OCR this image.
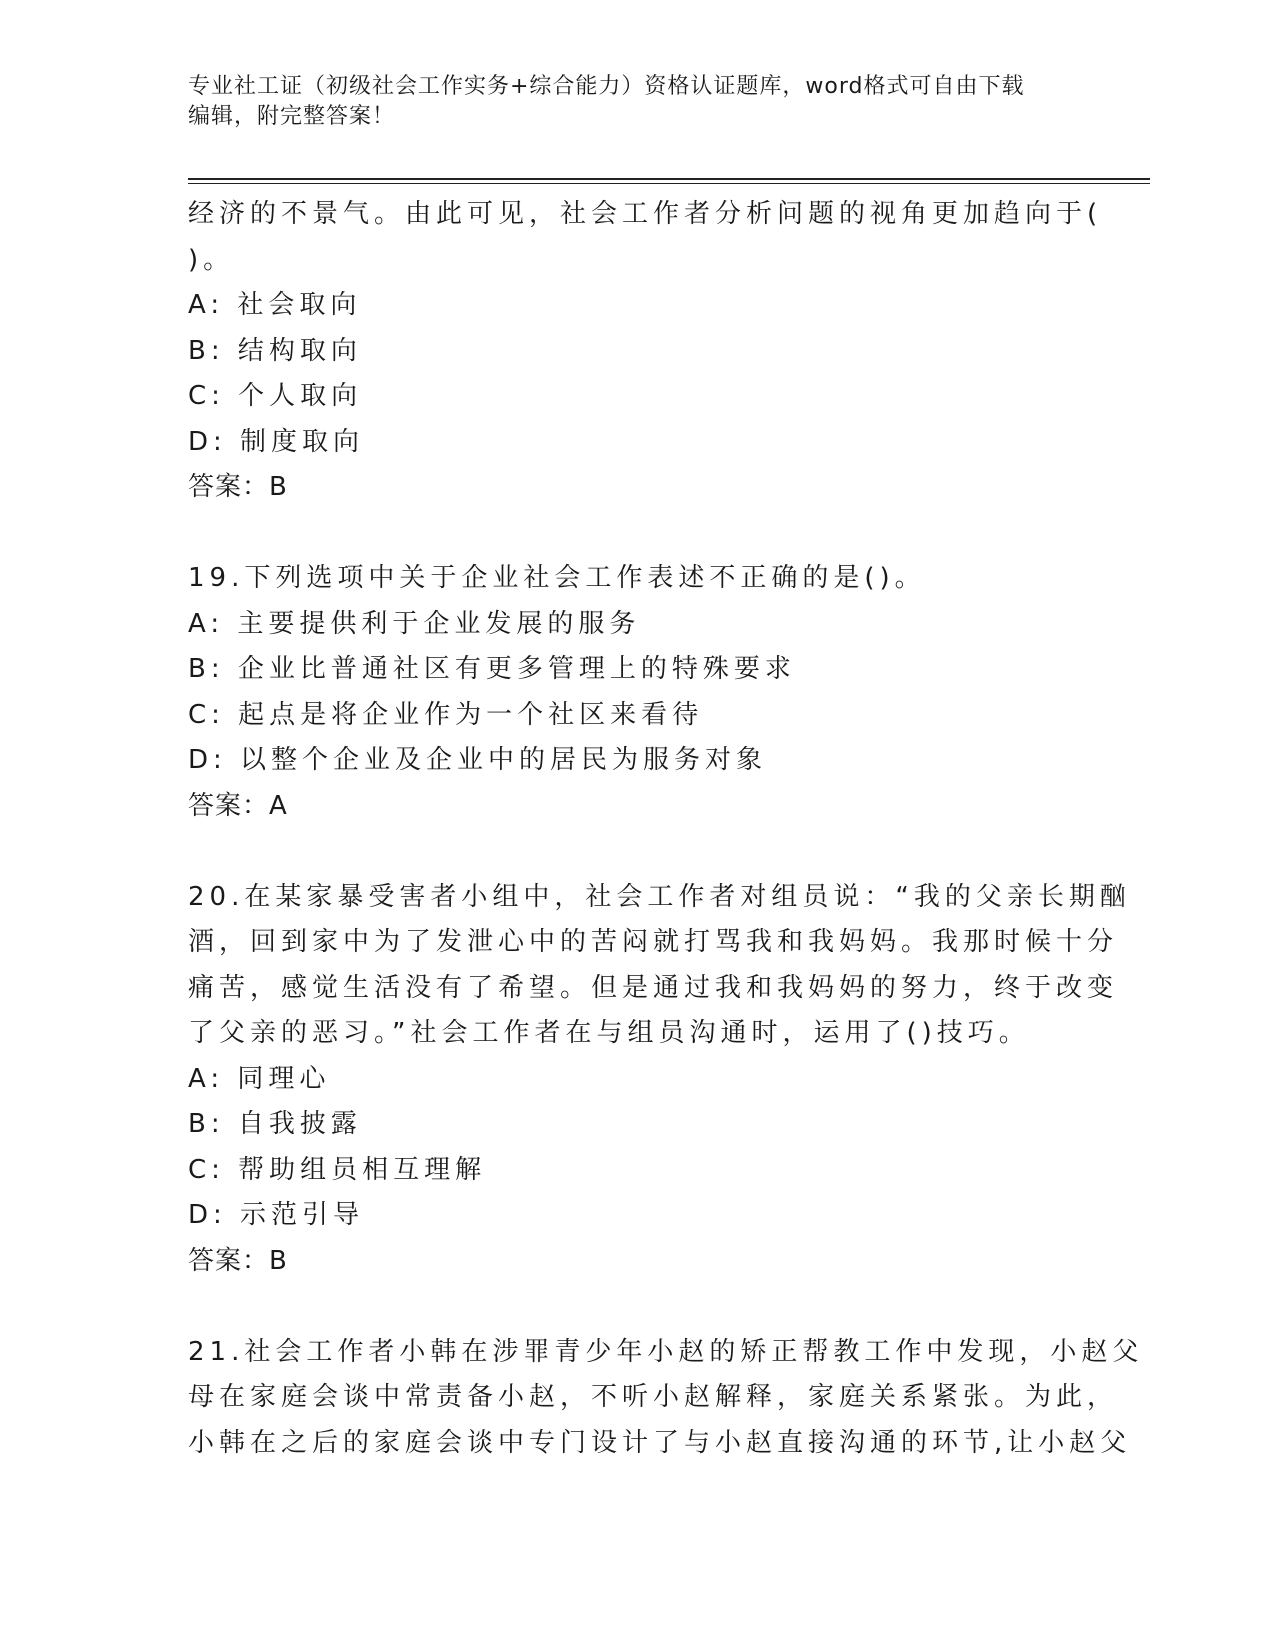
专业社工证（初级社会工作实务+综合能力）资格认证题库，word格式可自由下载
编辑，附完整答案！
经济的不景气。由此可见，社会工作者分析问题的视角更加趋向于(
)。
A: 社会取向
B: 结构取向
C: 个人取向
D: 制度取向
答案：B
19.下列选项中关于企业社会工作表述不正确的是()。
A: 主要提供利于企业发展的服务
B: 企业比普通社区有更多管理上的特殊要求
C: 起点是将企业作为一个社区来看待
D: 以整个企业及企业中的居民为服务对象
答案：A
20.在某家暴受害者小组中，社会工作者对组员说：“我的父亲长期酗
酒，回到家中为了发泄心中的苦闷就打骂我和我妈妈。我那时候十分
痛苦，感觉生活没有了希望。但是通过我和我妈妈的努力，终于改变
了父亲的恶习。”社会工作者在与组员沟通时，运用了()技巧。
A: 同理心
B: 自我披露
C: 帮助组员相互理解
D: 示范引导
答案：B
21.社会工作者小韩在涉罪青少年小赵的矫正帮教工作中发现，小赵父
母在家庭会谈中常责备小赵，不听小赵解释，家庭关系紧张。为此，
小韩在之后的家庭会谈中专门设计了与小赵直接沟通的环节,让小赵父
